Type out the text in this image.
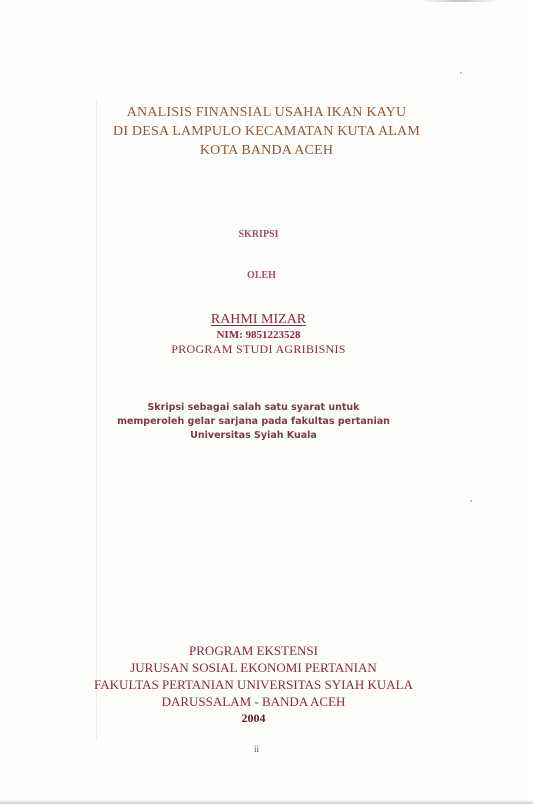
ANALISIS FINANSIAL USAHA IKAN KAYU
DI DESA LAMPULO KECAMATAN KUTA ALAM
KOTA BANDA ACEH
SKRIPSI
OLEH
RAHMI MIZAR
NIM: 9851223528
PROGRAM STUDI AGRIBISNIS
Skripsi sebagai salah satu syarat untuk
memperoleh gelar sarjana pada fakultas pertanian
Universitas Syiah Kuala
PROGRAM EKSTENSI
JURUSAN SOSIAL EKONOMI PERTANIAN
FAKULTAS PERTANIAN UNIVERSITAS SYIAH KUALA
DARUSSALAM - BANDA ACEH
2004
ii
